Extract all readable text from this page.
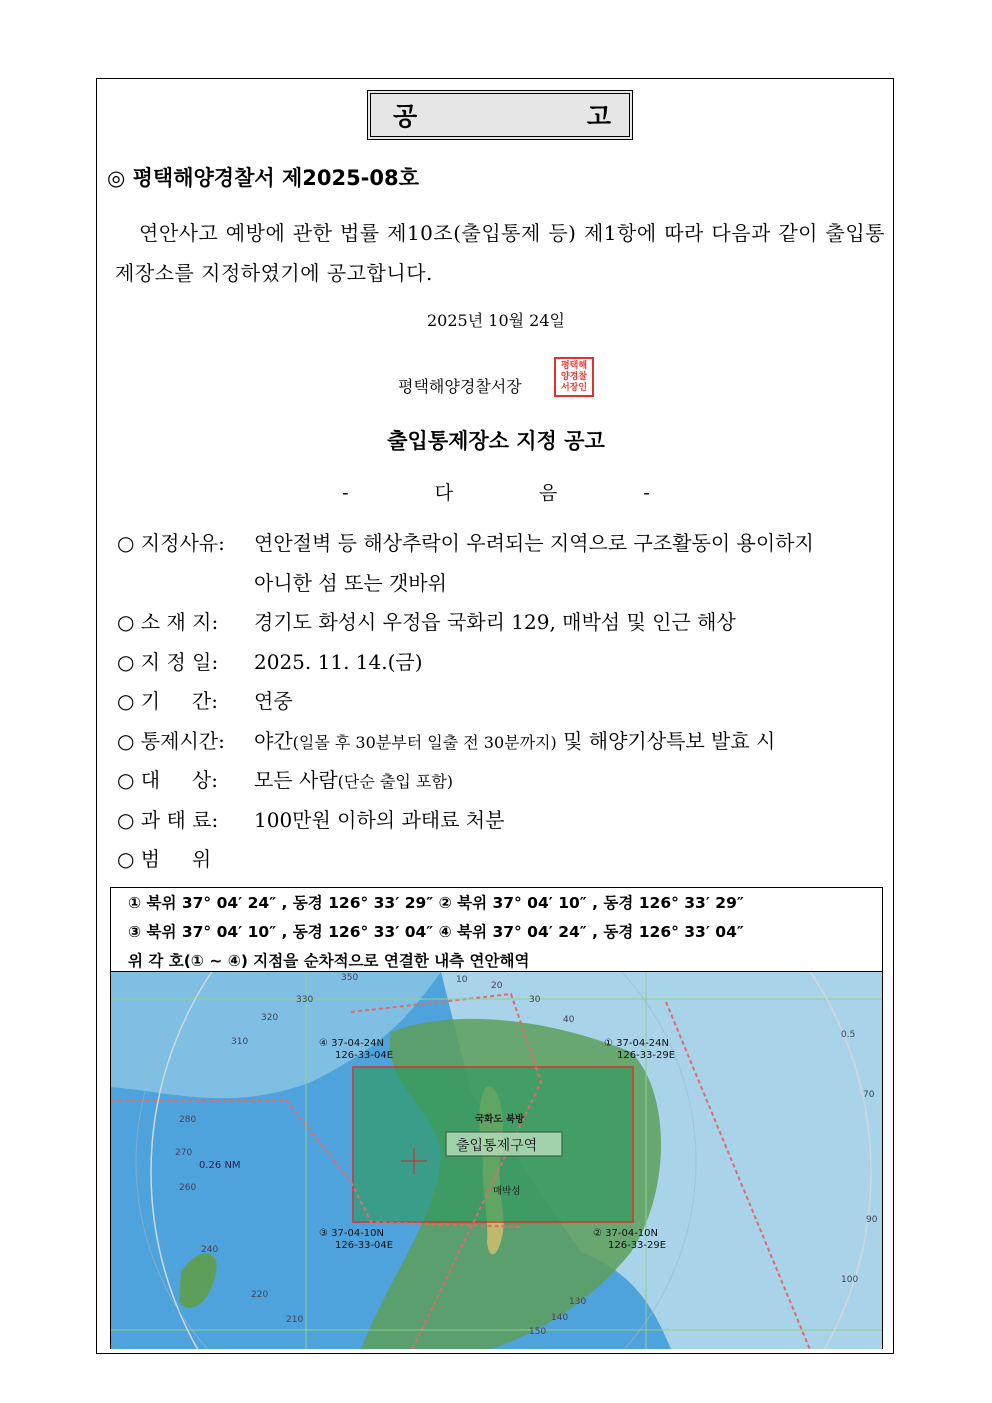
공	고
◎ 평택해양경찰서 제2025-08호
연안사고 예방에 관한 법률 제10조(출입통제 등) 제1항에 따라 다음과 같이 출입통제장소를 지정하였기에 공고합니다.
2025년 10월 24일
평택해양경찰서장
평택해
양경찰
서장인
출입통제장소 지정 공고
- 다 음 -
○ 지정사유:	연안절벽 등 해상추락이 우려되는 지역으로 구조활동이 용이하지
아니한 섬 또는 갯바위
○ 소 재 지:	경기도 화성시 우정읍 국화리 129, 매박섬 및 인근 해상
○ 지 정 일:	2025. 11. 14.(금)
○ 기     간:	연중
○ 통제시간:	야간(일몰 후 30분부터 일출 전 30분까지) 및 해양기상특보 발효 시
○ 대     상:	모든 사람(단순 출입 포함)
○ 과 태 료:	100만원 이하의 과태료 처분
○ 범     위
① 북위 37° 04′ 24″ , 동경 126° 33′ 29″ ② 북위 37° 04′ 10″ , 동경 126° 33′ 29″
③ 북위 37° 04′ 10″ , 동경 126° 33′ 04″ ④ 북위 37° 04′ 24″ , 동경 126° 33′ 04″
위 각 호(① ~ ④) 지점을 순차적으로 연결한 내측 연안해역
350	10
20
30
40
330
320
310
280
270
260
240
220
210
150
140
130
100
90
70
0.5
0.26 NM
④ 37-04-24N
126-33-04E
① 37-04-24N
126-33-29E
③ 37-04-10N
126-33-04E
② 37-04-10N
126-33-29E
국화도 북방
출입통제구역
매박섬
